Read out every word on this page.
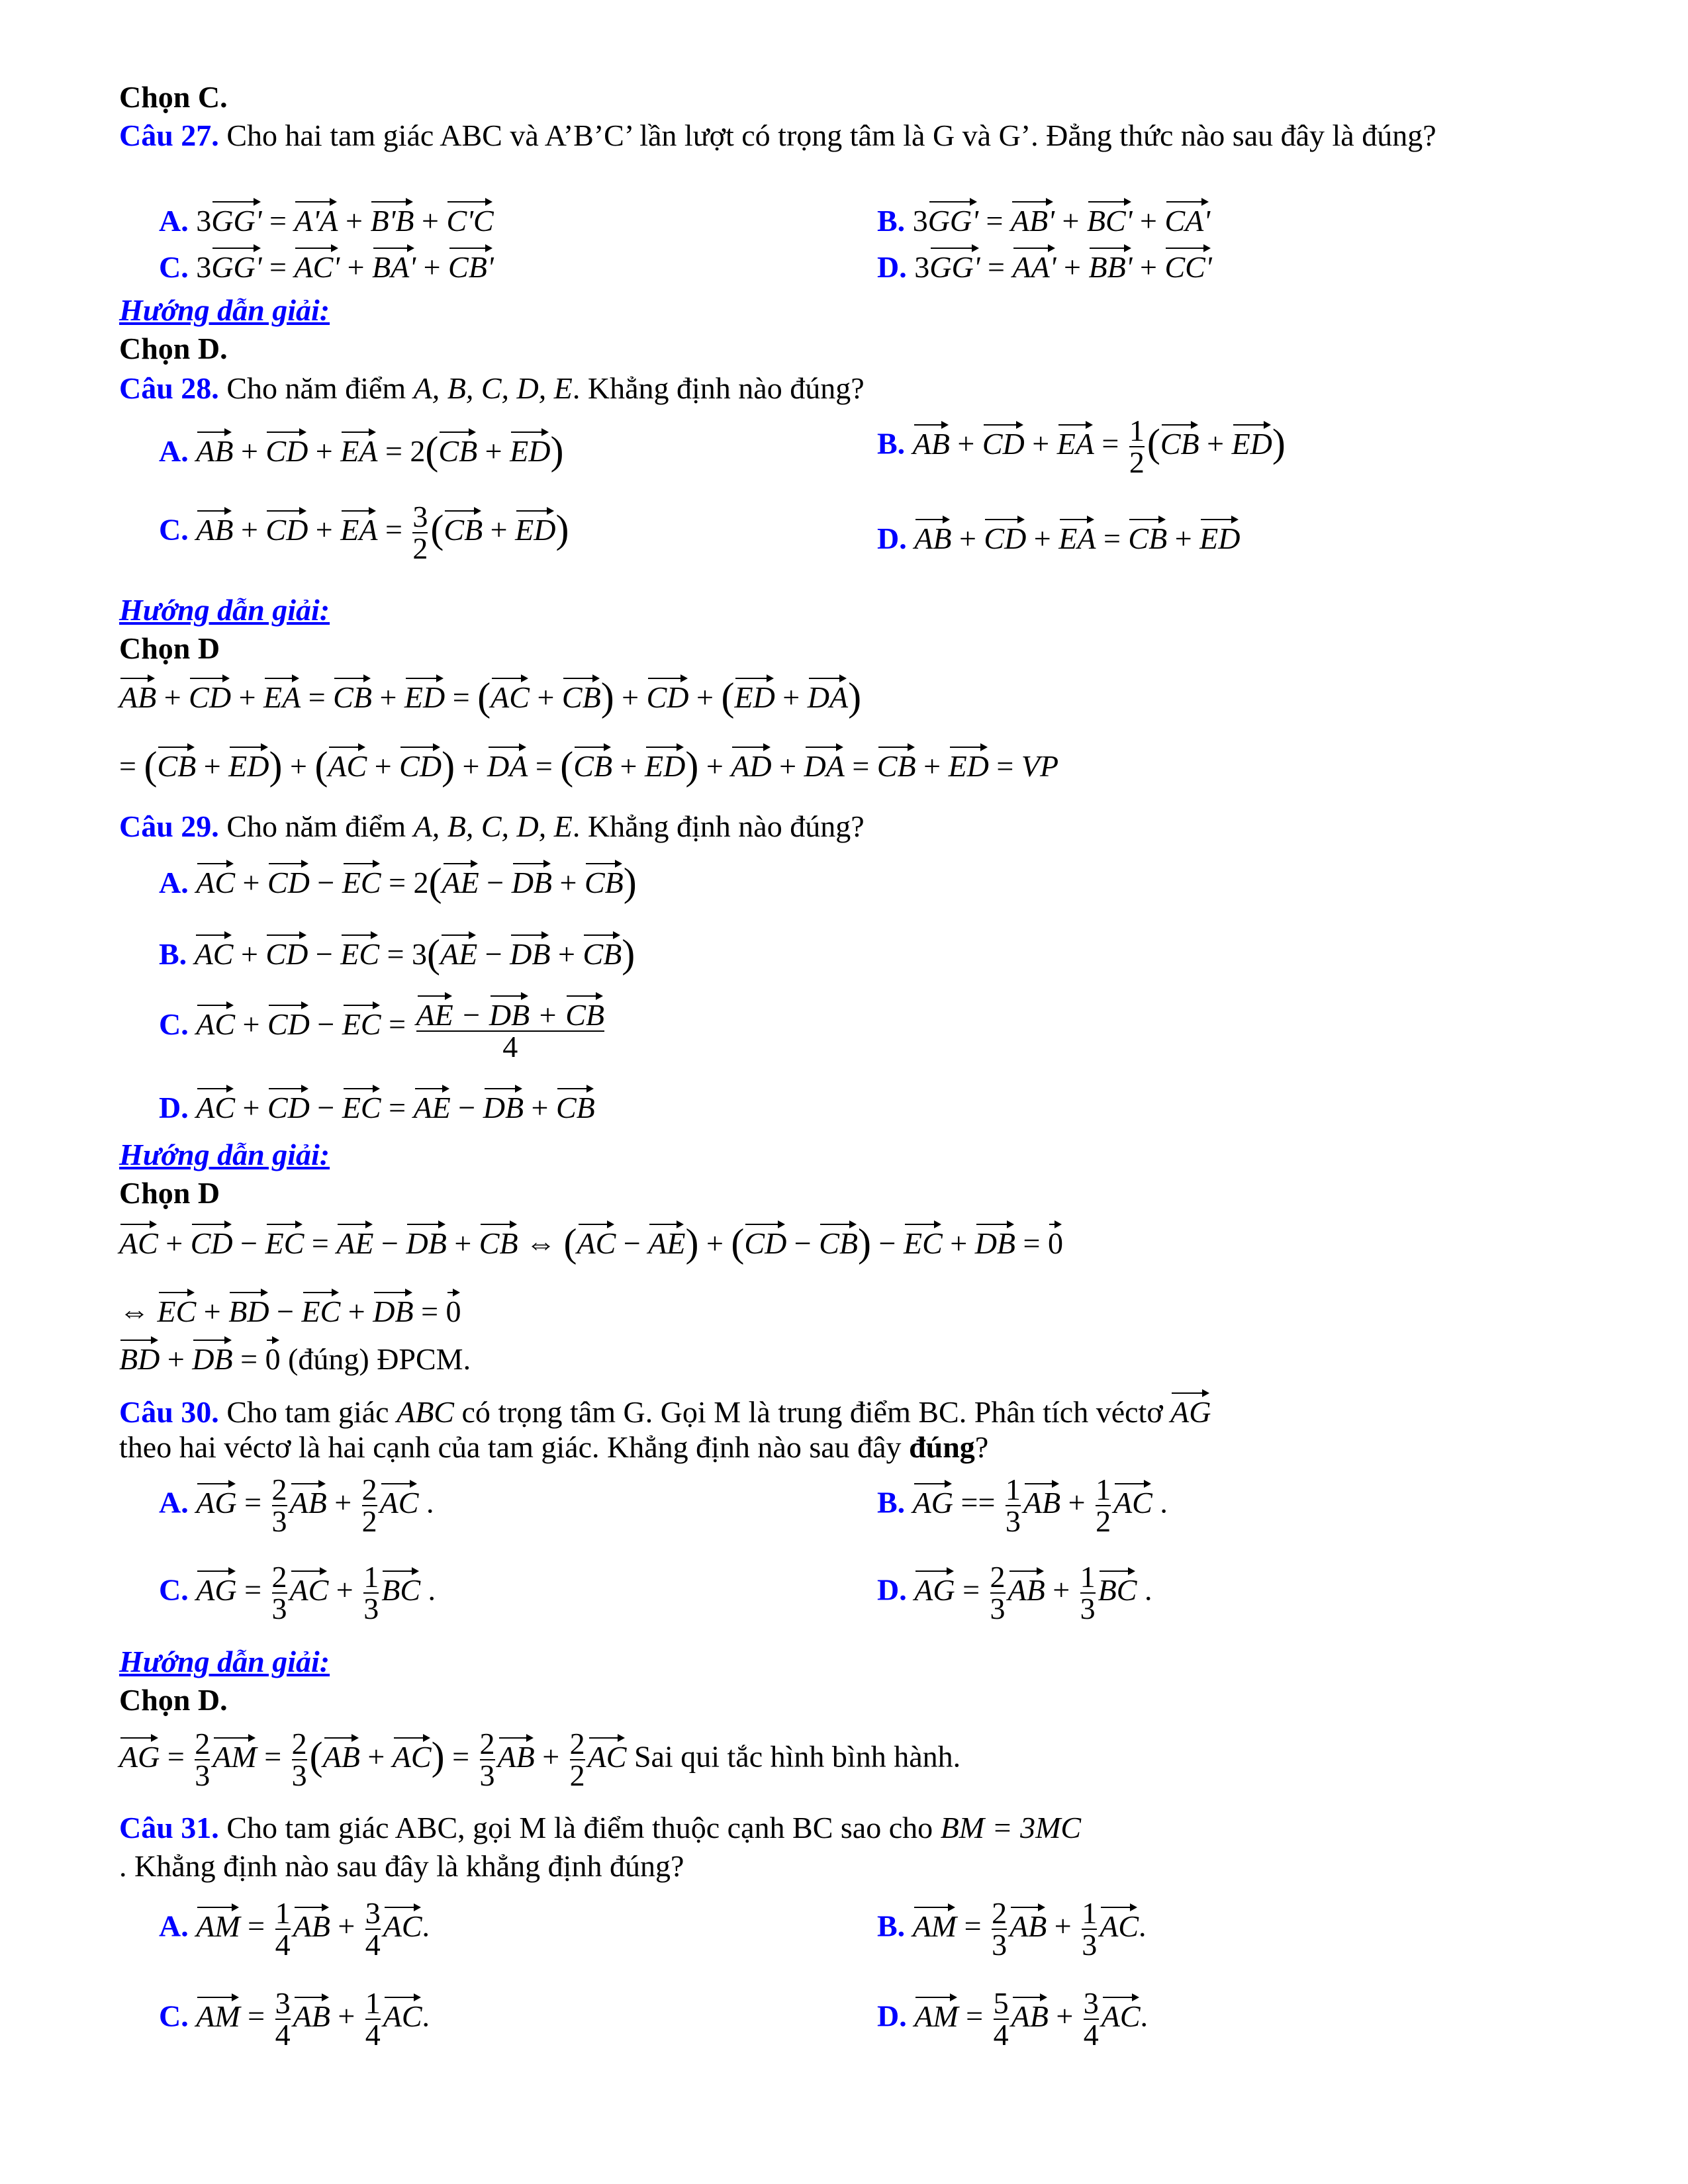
Chọn C.
Câu 27. Cho hai tam giác ABC và A’B’C’ lần lượt có trọng tâm là G và G’. Đẳng thức nào sau đây là đúng?
A. 3GG' = A'A + B'B + C'C	B. 3GG' = AB' + BC' + CA'
C. 3GG' = AC' + BA' + CB'	D. 3GG' = AA' + BB' + CC'
Hướng dẫn giải:
Chọn D.
Câu 28. Cho năm điểm A, B, C, D, E. Khẳng định nào đúng?
A. AB + CD + EA = 2(CB + ED)	B. AB + CD + EA = $\frac{1}{2} (CB + ED)$
C. AB + CD + EA = $\frac{3}{2} (CB + ED)$	D. AB + CD + EA = CB + ED
Hướng dẫn giải:
Chọn D
AB + CD + EA = CB + ED = (AC + CB) + CD + (ED + DA)
= (CB + ED) + (AC + CD) + DA = (CB + ED) + AD + DA = CB + ED = VP
Câu 29. Cho năm điểm A, B, C, D, E. Khẳng định nào đúng?
A. AC + CD − EC = 2(AE − DB + CB)
B. AC + CD − EC = 3(AE − DB + CB)
C. AC + CD − EC = $\frac{AE - DB + CB}{4}$
D. AC + CD − EC = AE − DB + CB
Hướng dẫn giải:
Chọn D
AC + CD − EC = AE − DB + CB ⇔ (AC − AE) + (CD − CB) − EC + DB = 0
⇔ EC + BD − EC + DB = 0
BD + DB = 0 (đúng) ĐPCM.
Câu 30. Cho tam giác ABC có trọng tâm G. Gọi M là trung điểm BC. Phân tích véctơ AG
theo hai véctơ là hai cạnh của tam giác. Khẳng định nào sau đây đúng?
A. AG = $\frac{2}{3}$ AB + $\frac{2}{2}$ AC .	B. AG == $\frac{1}{3}$ AB + $\frac{1}{2}$ AC .
C. AG = $\frac{2}{3}$ AC + $\frac{1}{3}$ BC .	D. AG = $\frac{2}{3}$ AB + $\frac{1}{3}$ BC .
Hướng dẫn giải:
Chọn D.
AG = $\frac{2}{3}$ AM = $\frac{2}{3} (AB + AC) = \frac{2}{3}$ AB + $\frac{2}{2}$ AC Sai qui tắc hình bình hành.
Câu 31. Cho tam giác ABC, gọi M là điểm thuộc cạnh BC sao cho BM = 3MC
. Khẳng định nào sau đây là khẳng định đúng?
A. AM = $\frac{1}{4}$ AB + $\frac{3}{4}$ AC.	B. AM = $\frac{2}{3}$ AB + $\frac{1}{3}$ AC.
C. AM = $\frac{3}{4}$ AB + $\frac{1}{4}$ AC.	D. AM = $\frac{5}{4}$ AB + $\frac{3}{4}$ AC.
